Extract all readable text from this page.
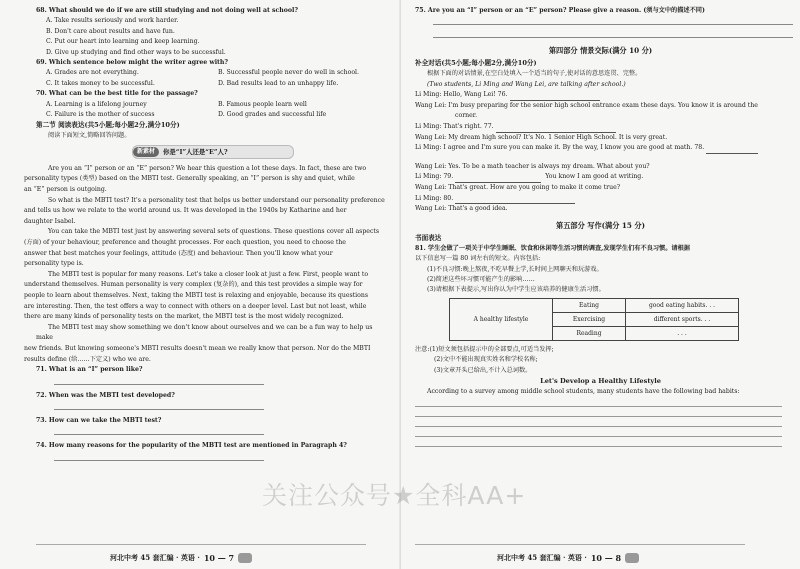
68. What should we do if we are still studying and not doing well at school?
A. Take results seriously and work harder.
B. Don't care about results and have fun.
C. Put our heart into learning and keep learning.
D. Give up studying and find other ways to be successful.
69. Which sentence below might the writer agree with?
A. Grades are not everything.	B. Successful people never do well in school.
C. It takes money to be successful.	D. Bad results lead to an unhappy life.
70. What can be the best title for the passage?
A. Learning is a lifelong journey	B. Famous people learn well
C. Failure is the mother of success	D. Good grades and successful life
第二节 阅读表达(共5小题;每小题2分,满分10分)
阅读下面短文,简略回答问题。
新素材	你是“I”人还是“E”人?

Are you an “I” person or an “E” person? We hear this question a lot these days. In fact, these are two
personality types (类型) based on the MBTI test. Generally speaking, an “I” person is shy and quiet, while
an “E” person is outgoing.

So what is the MBTI test? It's a personality test that helps us better understand our personality preference
and tells us how we relate to the world around us. It was developed in the 1940s by Katharine and her
daughter Isabel.

You can take the MBTI test just by answering several sets of questions. These questions cover all aspects
(方面) of your behaviour, preference and thought processes. For each question, you need to choose the
answer that best matches your feelings, attitude (态度) and behaviour. Then you'll know what your
personality type is.

The MBTI test is popular for many reasons. Let's take a closer look at just a few. First, people want to
understand themselves. Human personality is very complex (复杂的), and this test provides a simple way for
people to learn about themselves. Next, taking the MBTI test is relaxing and enjoyable, because its questions
are interesting. Then, the test offers a way to connect with others on a deeper level. Last but not least, while
there are many kinds of personality tests on the market, the MBTI test is the most widely recognized.

The MBTI test may show something we don't know about ourselves and we can be a fun way to help us make
new friends. But knowing someone's MBTI results doesn't mean we really know that person. Nor do the MBTI
results define (给……下定义) who we are.

71. What is an “I” person like?
72. When was the MBTI test developed?
73. How can we take the MBTI test?
74. How many reasons for the popularity of the MBTI test are mentioned in Paragraph 4?
河北中考 45 套汇编 · 英语 · 10 — 7
75. Are you an “I” person or an “E” person? Please give a reason. (须与文中的描述不同)
第四部分 情景交际(满分 10 分)
补全对话(共5小题;每小题2分,满分10分)
根据下面的对话情景,在空白处填入一个适当的句子,使对话的意思连贯、完整。
(Two students, Li Ming and Wang Lei, are talking after school.)
Li Ming: Hello, Wang Lei! 76.
Wang Lei: I'm busy preparing for the senior high school entrance exam these days. You know it is around the
corner.
Li Ming: That's right. 77.
Wang Lei: My dream high school? It's No. 1 Senior High School. It is very great.
Li Ming: I agree and I'm sure you can make it. By the way, I know you are good at math. 78.
Wang Lei: Yes. To be a math teacher is always my dream. What about you?
Li Ming: 79.	You know I am good at writing.
Wang Lei: That's great. How are you going to make it come true?
Li Ming: 80.
Wang Lei: That's a good idea.
第五部分 写作(满分 15 分)
书面表达
81. 学生会做了一项关于中学生睡眠、饮食和休闲等生活习惯的调查,发现学生们有不良习惯。请根据
以下信息写一篇 80 词左右的短文。内容包括:
(1)不良习惯:晚上熬夜,不吃早餐上学,长时间上网聊天和玩游戏。
(2)简述这些坏习惯可能产生的影响……
(3)请根据下表提示,写出你认为中学生应该培养的健康生活习惯。
A healthy lifestyle	Eating	good eating habits. . .
	Exercising	different sports. . .
	Reading	. . .
注意:(1)短文须包括提示中的全部要点,可适当发挥;
(2)文中不能出现真实姓名和学校名称;
(3)文章开头已给出,不计入总词数。
Let's Develop a Healthy Lifestyle
According to a survey among middle school students, many students have the following bad habits:
河北中考 45 套汇编 · 英语 · 10 — 8
关注公众号★全科AA+
